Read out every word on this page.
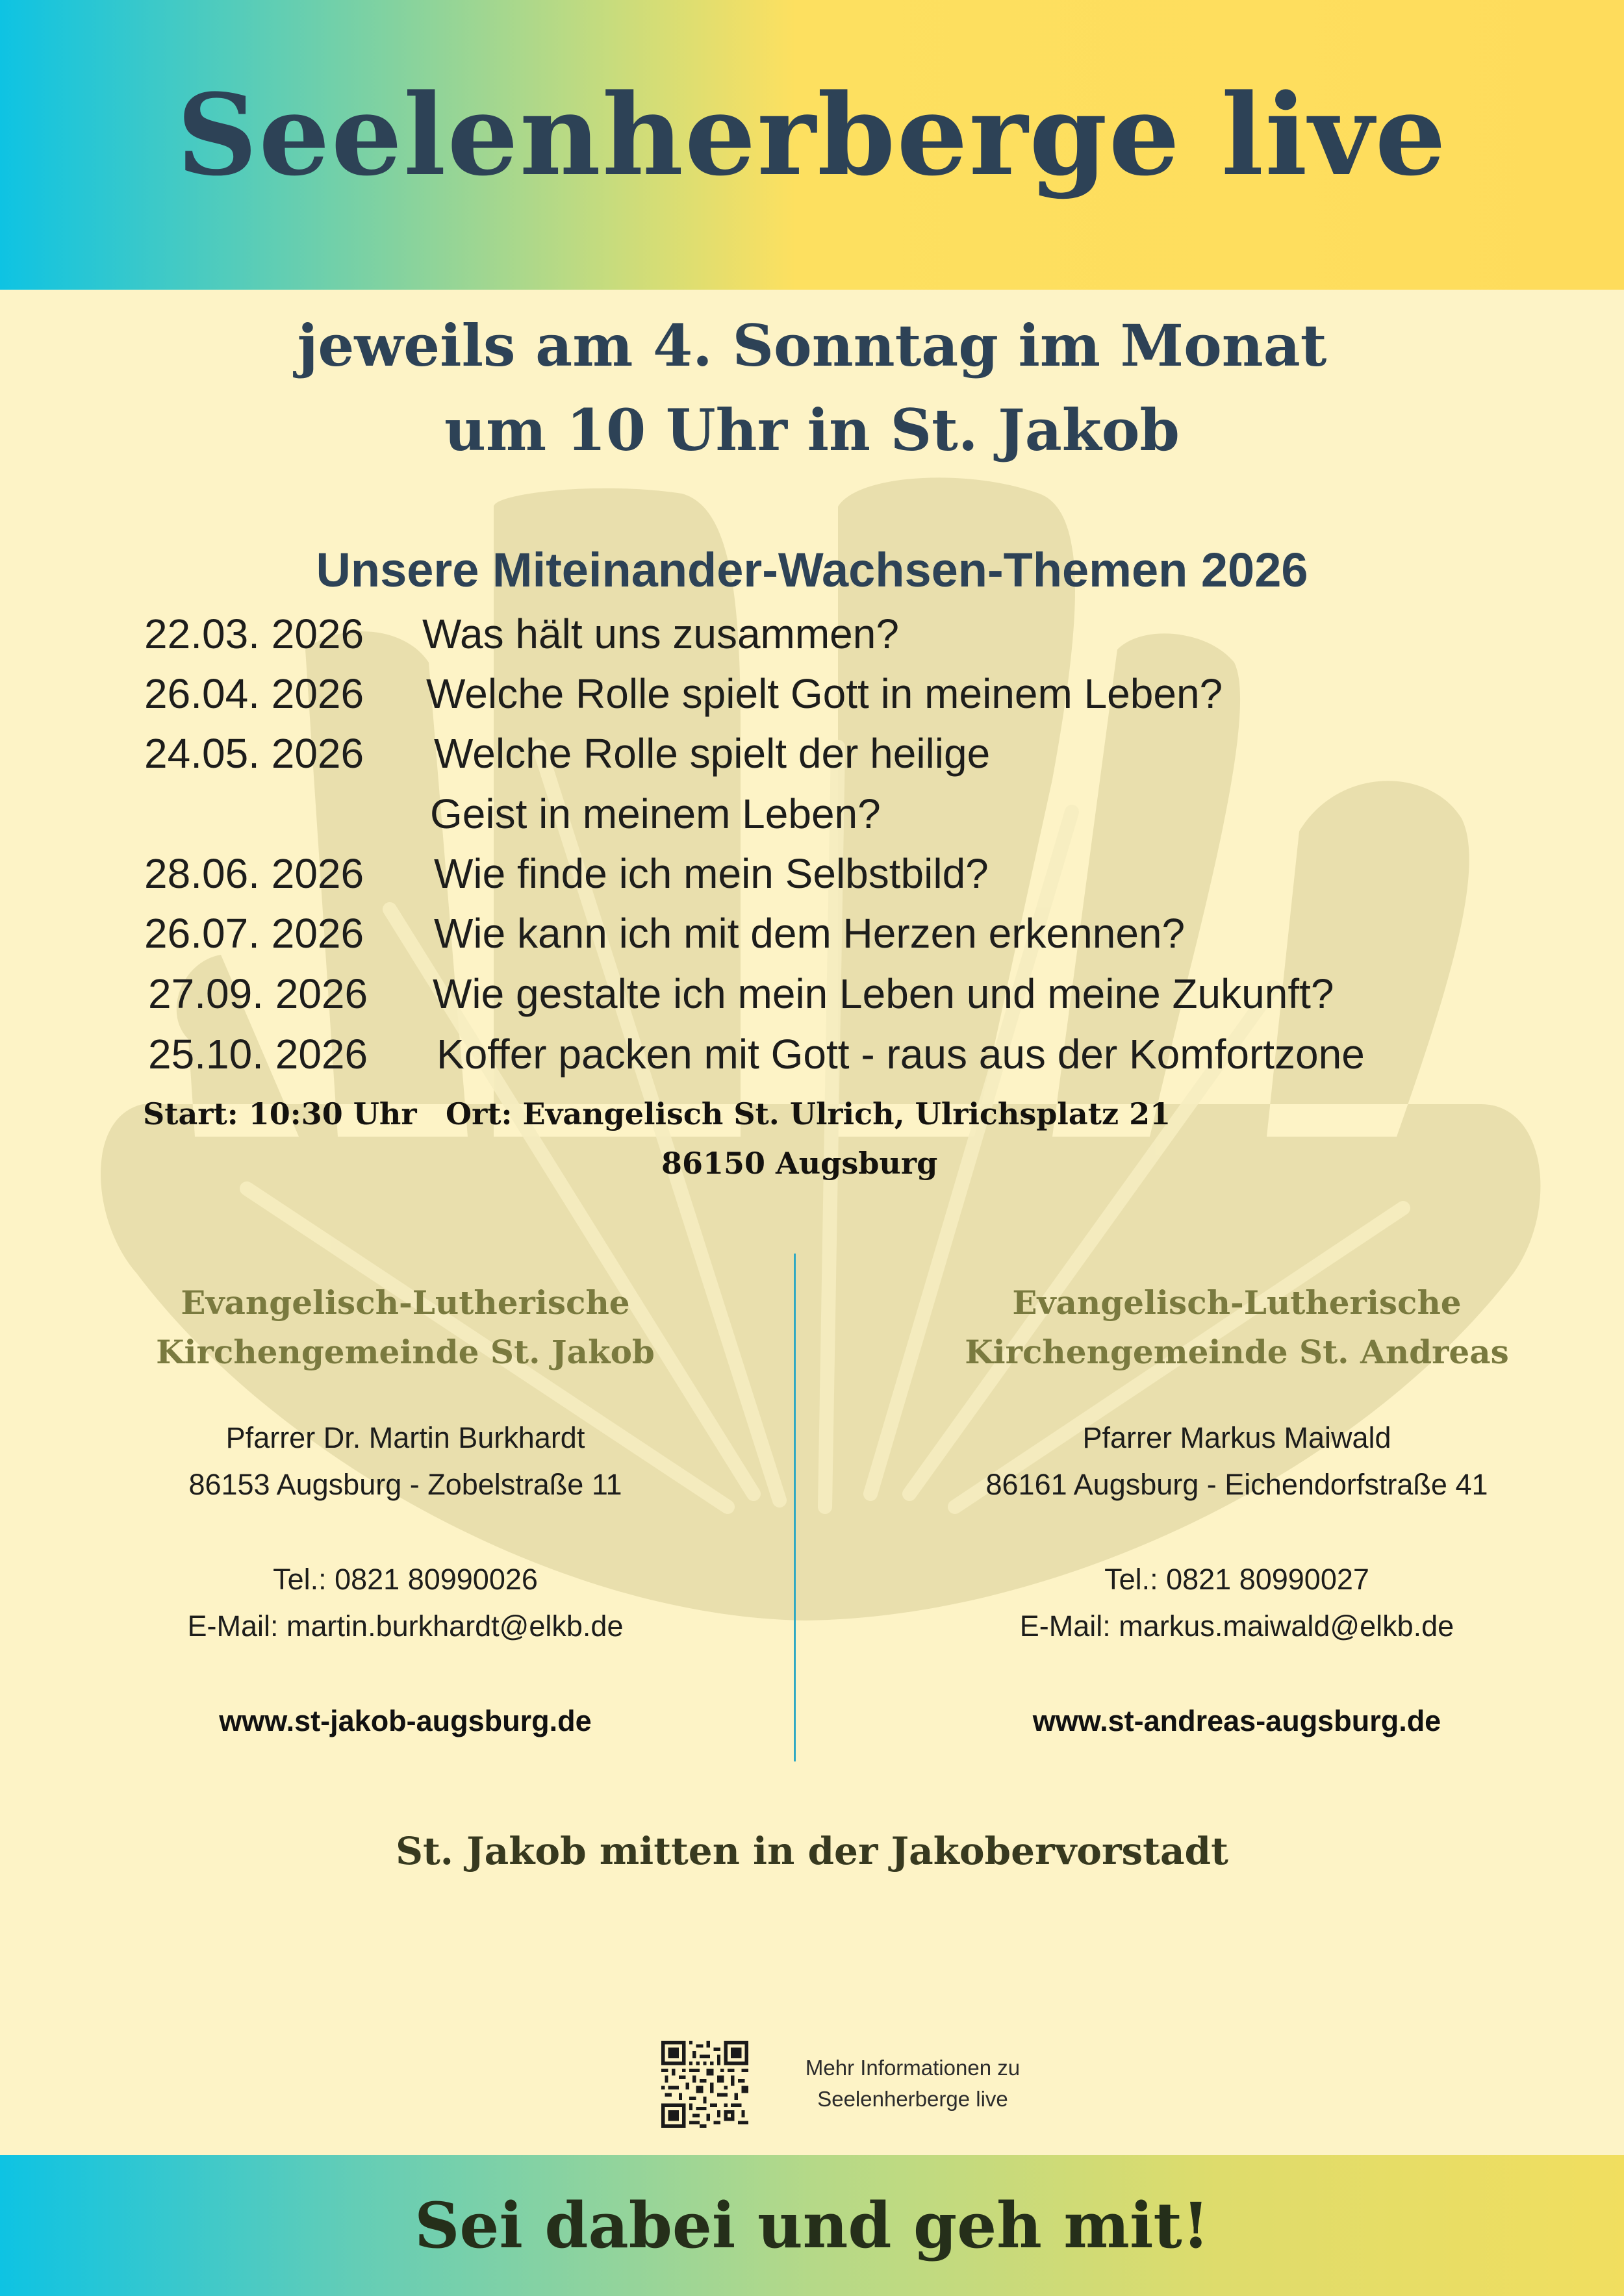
Seelenherberge live
jeweils am 4. Sonntag im Monat
um 10 Uhr in St. Jakob
Unsere Miteinander-Wachsen-Themen 2026
22.03. 2026 Was hält uns zusammen?
26.04. 2026 Welche Rolle spielt Gott in meinem Leben?
24.05. 2026 Welche Rolle spielt der heilige
Geist in meinem Leben?
28.06. 2026 Wie finde ich mein Selbstbild?
26.07. 2026 Wie kann ich mit dem Herzen erkennen?
27.09. 2026 Wie gestalte ich mein Leben und meine Zukunft?
25.10. 2026 Koffer packen mit Gott - raus aus der Komfortzone
Start: 10:30 Uhr Ort: Evangelisch St. Ulrich, Ulrichsplatz 21
86150 Augsburg
Evangelisch-Lutherische
Kirchengemeinde St. Jakob
Pfarrer Dr. Martin Burkhardt
86153 Augsburg - Zobelstraße 11
Tel.: 0821 80990026
E-Mail: martin.burkhardt@elkb.de
www.st-jakob-augsburg.de
Evangelisch-Lutherische
Kirchengemeinde St. Andreas
Pfarrer Markus Maiwald
86161 Augsburg - Eichendorfstraße 41
Tel.: 0821 80990027
E-Mail: markus.maiwald@elkb.de
www.st-andreas-augsburg.de
St. Jakob mitten in der Jakobervorstadt
Mehr Informationen zu
Seelenherberge live
Sei dabei und geh mit!
